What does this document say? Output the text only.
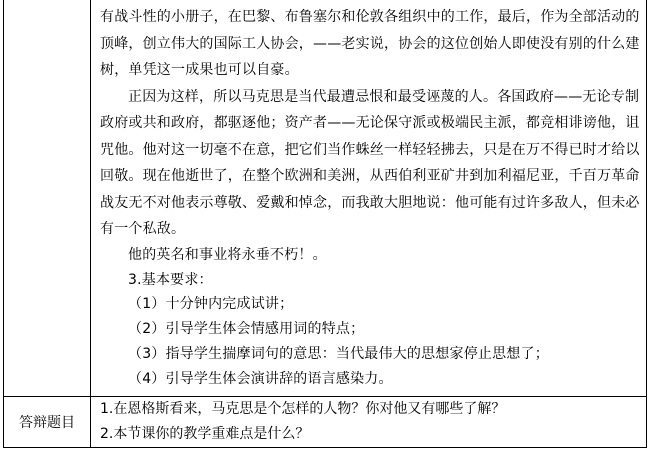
答辩题目
有战斗性的小册子，在巴黎、布鲁塞尔和伦敦各组织中的工作，最后，作为全部活动的
顶峰，创立伟大的国际工人协会，——老实说，协会的这位创始人即使没有别的什么建
树，单凭这一成果也可以自豪。
正因为这样，所以马克思是当代最遭忌恨和最受诬蔑的人。各国政府——无论专制
政府或共和政府，都驱逐他；资产者——无论保守派或极端民主派，都竞相诽谤他，诅
咒他。他对这一切毫不在意，把它们当作蛛丝一样轻轻拂去，只是在万不得已时才给以
回敬。现在他逝世了，在整个欧洲和美洲，从西伯利亚矿井到加利福尼亚，千百万革命
战友无不对他表示尊敬、爱戴和悼念，而我敢大胆地说：他可能有过许多敌人，但未必
有一个私敌。
他的英名和事业将永垂不朽！。
3.基本要求：
（1）十分钟内完成试讲；
（2）引导学生体会情感用词的特点；
（3）指导学生揣摩词句的意思：当代最伟大的思想家停止思想了；
（4）引导学生体会演讲辞的语言感染力。
1.在恩格斯看来，马克思是个怎样的人物？你对他又有哪些了解？
2.本节课你的教学重难点是什么？
